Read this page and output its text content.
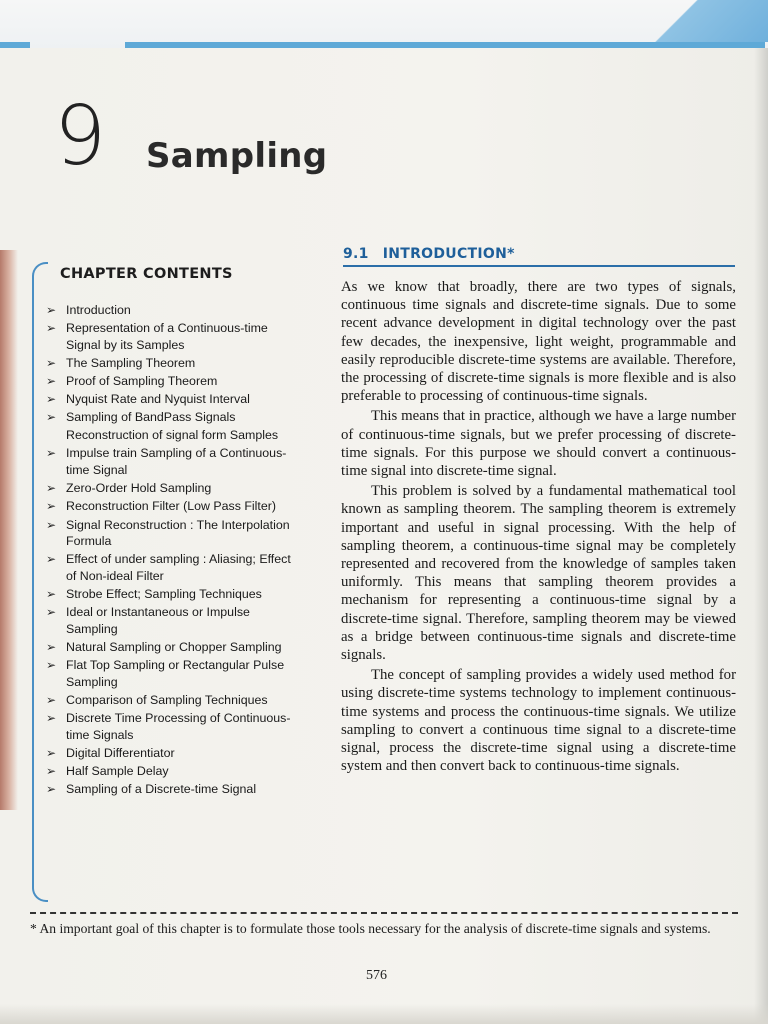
9 Sampling
CHAPTER CONTENTS
➢ Introduction
➢ Representation of a Continuous-time Signal by its Samples
➢ The Sampling Theorem
➢ Proof of Sampling Theorem
➢ Nyquist Rate and Nyquist Interval
➢ Sampling of BandPass Signals
Reconstruction of signal form Samples
➢ Impulse train Sampling of a Continuous-time Signal
➢ Zero-Order Hold Sampling
➢ Reconstruction Filter (Low Pass Filter)
➢ Signal Reconstruction : The Interpolation Formula
➢ Effect of under sampling : Aliasing; Effect of Non-ideal Filter
➢ Strobe Effect; Sampling Techniques
➢ Ideal or Instantaneous or Impulse Sampling
➢ Natural Sampling or Chopper Sampling
➢ Flat Top Sampling or Rectangular Pulse Sampling
➢ Comparison of Sampling Techniques
➢ Discrete Time Processing of Continuous-time Signals
➢ Digital Differentiator
➢ Half Sample Delay
➢ Sampling of a Discrete-time Signal
9.1 INTRODUCTION*

As we know that broadly, there are two types of signals, continuous time signals and discrete-time signals. Due to some recent advance development in digital technology over the past few decades, the inexpensive, light weight, programmable and easily reproducible discrete-time systems are available. Therefore, the processing of discrete-time signals is more flexible and is also preferable to processing of continuous-time signals.

This means that in practice, although we have a large number of continuous-time signals, but we prefer processing of discrete-time signals. For this purpose we should convert a continuous-time signal into discrete-time signal.

This problem is solved by a fundamental mathematical tool known as sampling theorem. The sampling theorem is extremely important and useful in signal processing. With the help of sampling theorem, a continuous-time signal may be completely represented and recovered from the knowledge of samples taken uniformly. This means that sampling theorem provides a mechanism for representing a continuous-time signal by a discrete-time signal. Therefore, sampling theorem may be viewed as a bridge between continuous-time signals and discrete-time signals.

The concept of sampling provides a widely used method for using discrete-time systems technology to implement continuous-time systems and process the continuous-time signals. We utilize sampling to convert a continuous time signal to a discrete-time signal, process the discrete-time signal using a discrete-time system and then convert back to continuous-time signals.

* An important goal of this chapter is to formulate those tools necessary for the analysis of discrete-time signals and systems.
576
